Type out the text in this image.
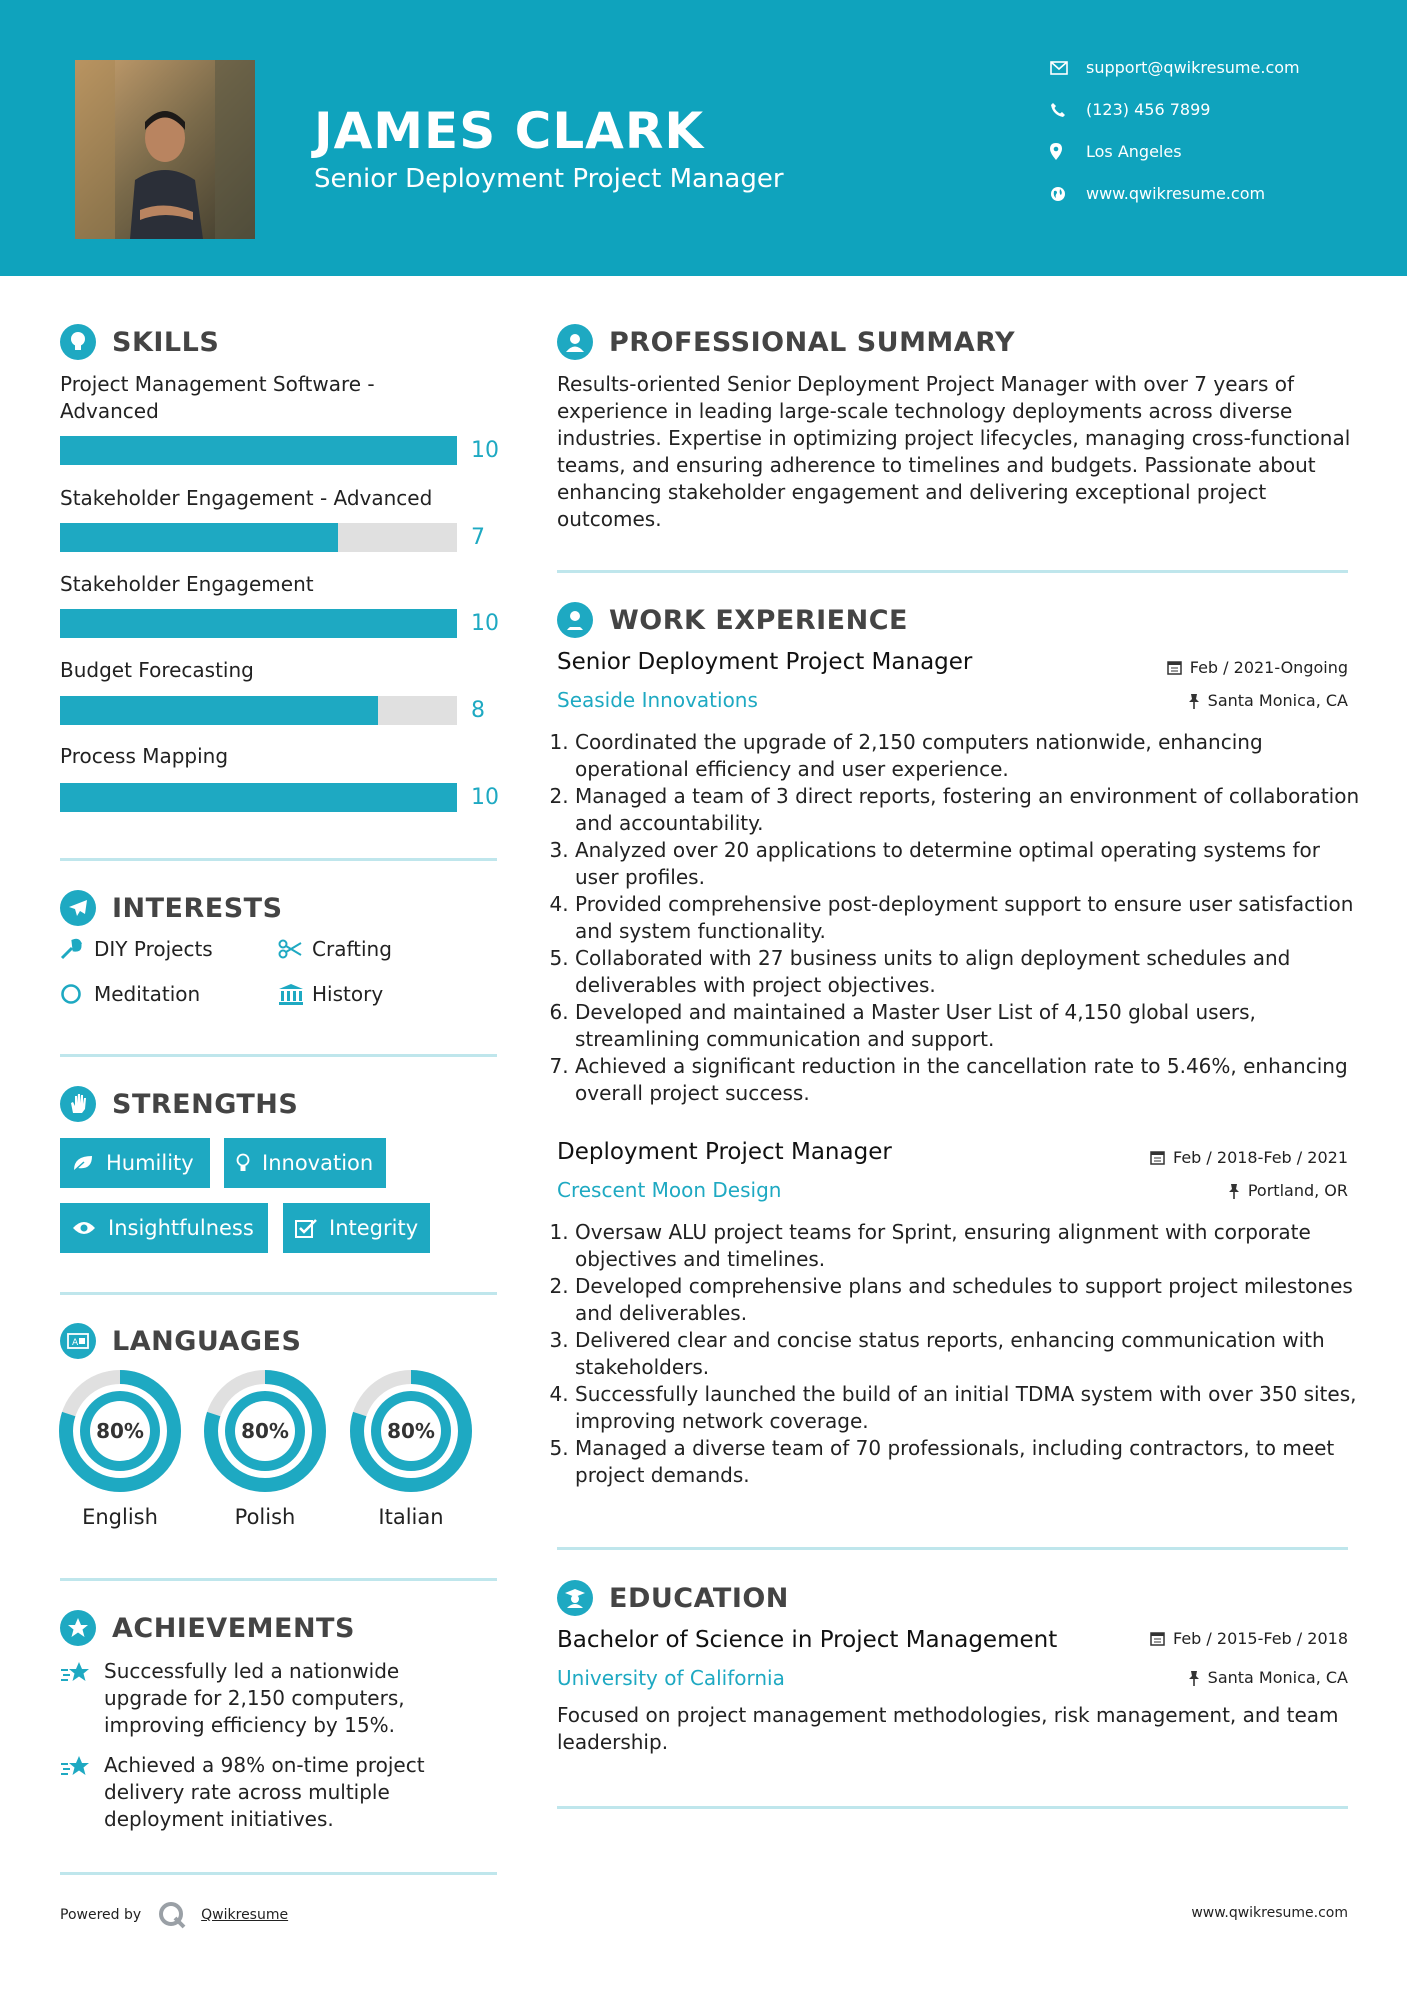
JAMES CLARK
Senior Deployment Project Manager
support@qwikresume.com
(123) 456 7899
Los Angeles
www.qwikresume.com
SKILLS
Project Management Software - Advanced
10
Stakeholder Engagement - Advanced
7
Stakeholder Engagement
10
Budget Forecasting
8
Process Mapping
10
INTERESTS
DIY Projects	Crafting
Meditation	History
STRENGTHS
Humility	Innovation
Insightfulness	Integrity
A LANGUAGES
80%
English
80%
Polish
80%
Italian
ACHIEVEMENTS
Successfully led a nationwide upgrade for 2,150 computers, improving efficiency by 15%.
Achieved a 98% on-time project delivery rate across multiple deployment initiatives.
PROFESSIONAL SUMMARY
Results-oriented Senior Deployment Project Manager with over 7 years of experience in leading large-scale technology deployments across diverse industries. Expertise in optimizing project lifecycles, managing cross-functional teams, and ensuring adherence to timelines and budgets. Passionate about enhancing stakeholder engagement and delivering exceptional project outcomes.
WORK EXPERIENCE
Senior Deployment Project Manager	Feb / 2021-Ongoing
Seaside Innovations	Santa Monica, CA
1. Coordinated the upgrade of 2,150 computers nationwide, enhancing operational efficiency and user experience.
2. Managed a team of 3 direct reports, fostering an environment of collaboration and accountability.
3. Analyzed over 20 applications to determine optimal operating systems for user profiles.
4. Provided comprehensive post-deployment support to ensure user satisfaction and system functionality.
5. Collaborated with 27 business units to align deployment schedules and deliverables with project objectives.
6. Developed and maintained a Master User List of 4,150 global users, streamlining communication and support.
7. Achieved a significant reduction in the cancellation rate to 5.46%, enhancing overall project success.
Deployment Project Manager	Feb / 2018-Feb / 2021
Crescent Moon Design	Portland, OR
1. Oversaw ALU project teams for Sprint, ensuring alignment with corporate objectives and timelines.
2. Developed comprehensive plans and schedules to support project milestones and deliverables.
3. Delivered clear and concise status reports, enhancing communication with stakeholders.
4. Successfully launched the build of an initial TDMA system with over 350 sites, improving network coverage.
5. Managed a diverse team of 70 professionals, including contractors, to meet project demands.
EDUCATION
Bachelor of Science in Project Management	Feb / 2015-Feb / 2018
University of California	Santa Monica, CA
Focused on project management methodologies, risk management, and team leadership.
Powered by	Qwikresume	www.qwikresume.com
